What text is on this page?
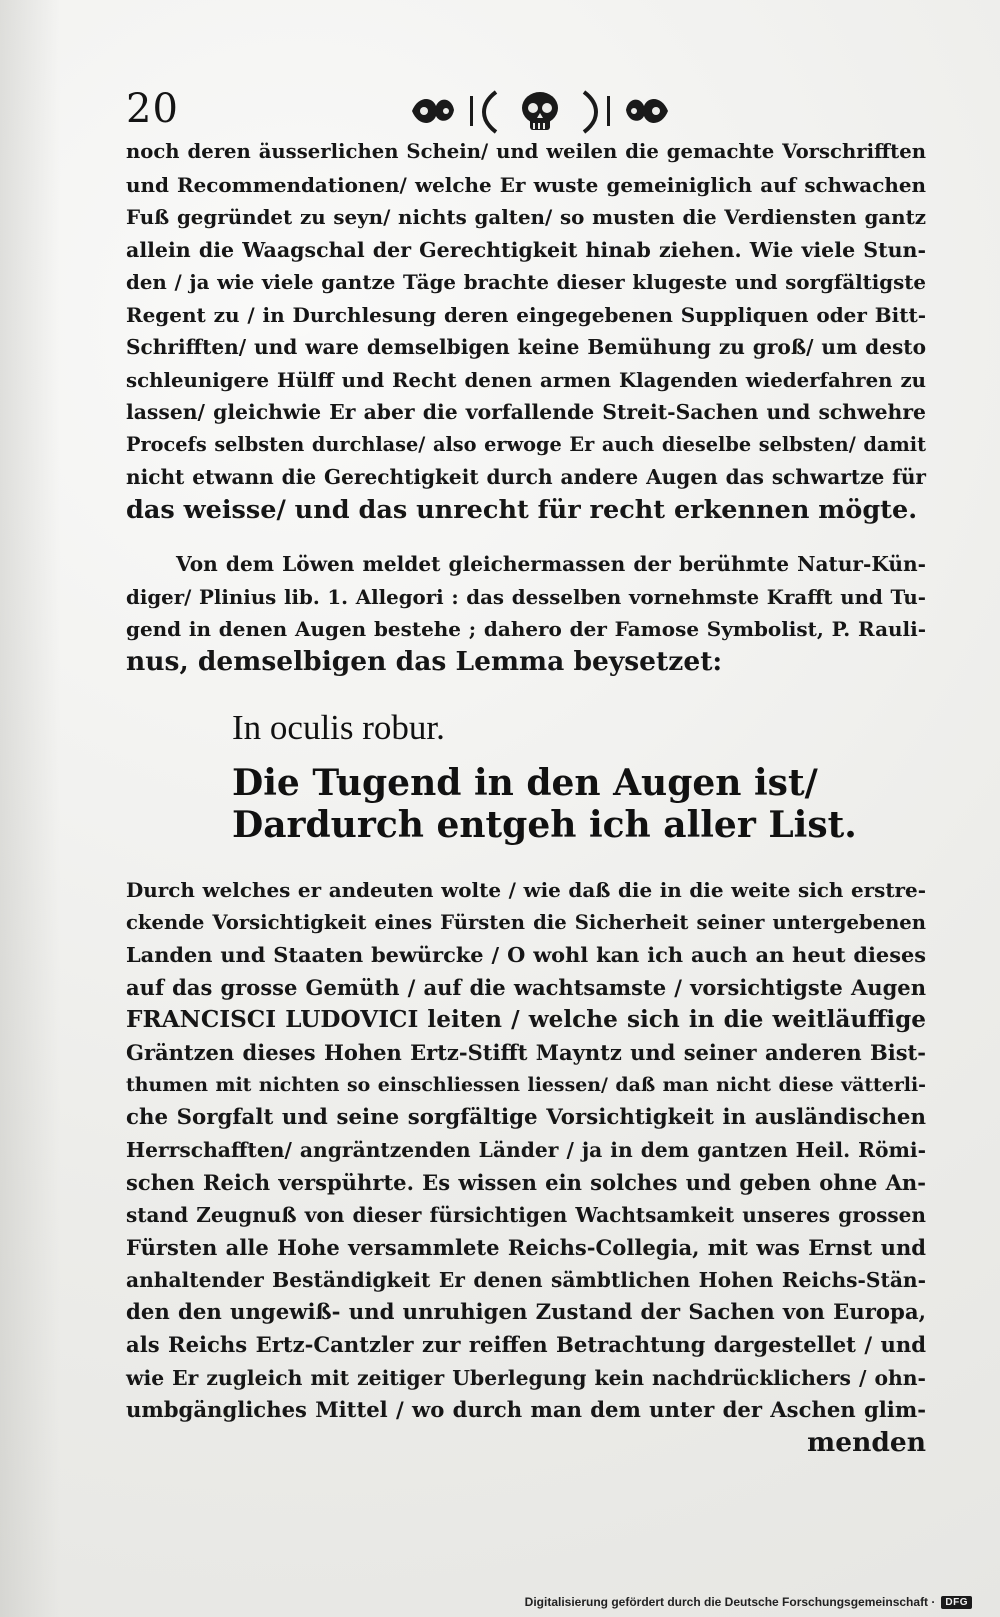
20
noch deren äusserlichen Schein/ und weilen die gemachte Vorschrifften
und Recommendationen/ welche Er wuste gemeiniglich auf schwachen
Fuß gegründet zu seyn/ nichts galten/ so musten die Verdiensten gantz
allein die Waagschal der Gerechtigkeit hinab ziehen. Wie viele Stun-
den / ja wie viele gantze Täge brachte dieser klugeste und sorgfältigste
Regent zu / in Durchlesung deren eingegebenen Suppliquen oder Bitt-
Schrifften/ und ware demselbigen keine Bemühung zu groß/ um desto
schleunigere Hülff und Recht denen armen Klagenden wiederfahren zu
lassen/ gleichwie Er aber die vorfallende Streit-Sachen und schwehre
Procefs selbsten durchlase/ also erwoge Er auch dieselbe selbsten/ damit
nicht etwann die Gerechtigkeit durch andere Augen das schwartze für
das weisse/ und das unrecht für recht erkennen mögte.
Von dem Löwen meldet gleichermassen der berühmte Natur-Kün-
diger/ Plinius lib. 1. Allegori : das desselben vornehmste Krafft und Tu-
gend in denen Augen bestehe ; dahero der Famose Symbolist, P. Rauli-
nus, demselbigen das Lemma beysetzet:
In oculis robur.
Die Tugend in den Augen ist/
Dardurch entgeh ich aller List.
Durch welches er andeuten wolte / wie daß die in die weite sich erstre-
ckende Vorsichtigkeit eines Fürsten die Sicherheit seiner untergebenen
Landen und Staaten bewürcke / O wohl kan ich auch an heut dieses
auf das grosse Gemüth / auf die wachtsamste / vorsichtigste Augen
FRANCISCI LUDOVICI leiten / welche sich in die weitläuffige
Gräntzen dieses Hohen Ertz-Stifft Mayntz und seiner anderen Bist-
thumen mit nichten so einschliessen liessen/ daß man nicht diese vätterli-
che Sorgfalt und seine sorgfältige Vorsichtigkeit in ausländischen
Herrschafften/ angräntzenden Länder / ja in dem gantzen Heil. Römi-
schen Reich verspührte. Es wissen ein solches und geben ohne An-
stand Zeugnuß von dieser fürsichtigen Wachtsamkeit unseres grossen
Fürsten alle Hohe versammlete Reichs-Collegia, mit was Ernst und
anhaltender Beständigkeit Er denen sämbtlichen Hohen Reichs-Stän-
den den ungewiß- und unruhigen Zustand der Sachen von Europa,
als Reichs Ertz-Cantzler zur reiffen Betrachtung dargestellet / und
wie Er zugleich mit zeitiger Uberlegung kein nachdrücklichers / ohn-
umbgängliches Mittel / wo durch man dem unter der Aschen glim-
menden
Digitalisierung gefördert durch die Deutsche Forschungsgemeinschaft ·	DFG
